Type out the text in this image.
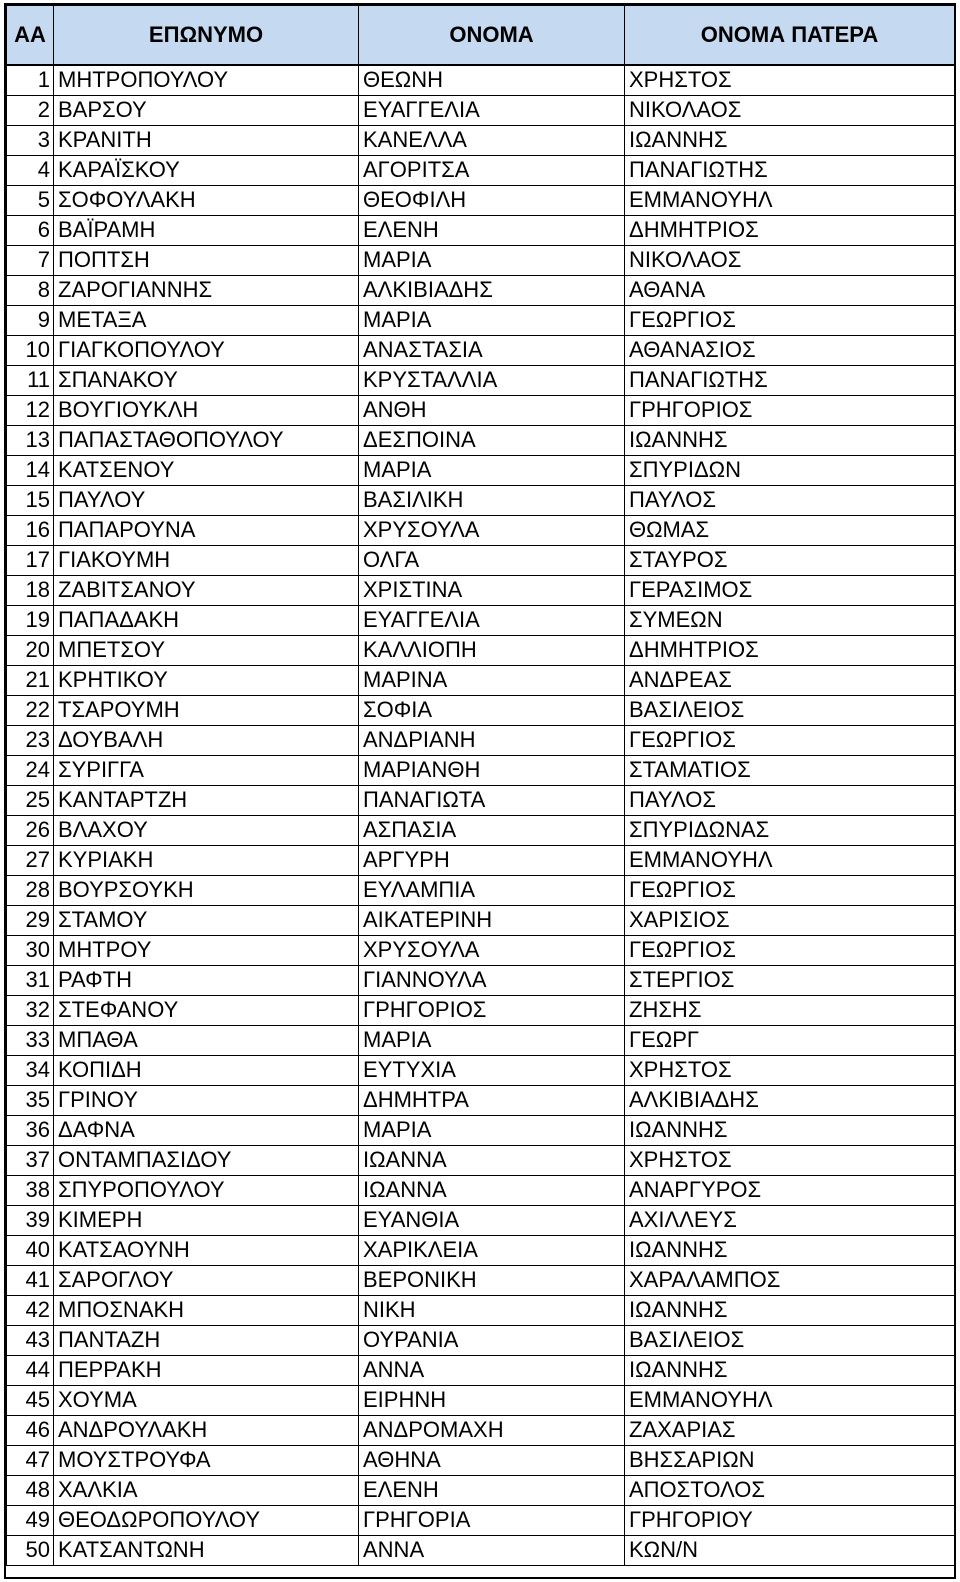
ΑΑ	ΕΠΩΝΥΜΟ	ΟΝΟΜΑ	ΟΝΟΜΑ ΠΑΤΕΡΑ
1	ΜΗΤΡΟΠΟΥΛΟΥ	ΘΕΩΝΗ	ΧΡΗΣΤΟΣ
2	ΒΑΡΣΟΥ	ΕΥΑΓΓΕΛΙΑ	ΝΙΚΟΛΑΟΣ
3	ΚΡΑΝΙΤΗ	ΚΑΝΕΛΛΑ	ΙΩΑΝΝΗΣ
4	ΚΑΡΑΪΣΚΟΥ	ΑΓΟΡΙΤΣΑ	ΠΑΝΑΓΙΩΤΗΣ
5	ΣΟΦΟΥΛΑΚΗ	ΘΕΟΦΙΛΗ	ΕΜΜΑΝΟΥΗΛ
6	ΒΑΪΡΑΜΗ	ΕΛΕΝΗ	ΔΗΜΗΤΡΙΟΣ
7	ΠΟΠΤΣΗ	ΜΑΡΙΑ	ΝΙΚΟΛΑΟΣ
8	ΖΑΡΟΓΙΑΝΝΗΣ	ΑΛΚΙΒΙΑΔΗΣ	ΑΘΑΝΑ
9	ΜΕΤΑΞΑ	ΜΑΡΙΑ	ΓΕΩΡΓΙΟΣ
10	ΓΙΑΓΚΟΠΟΥΛΟΥ	ΑΝΑΣΤΑΣΙΑ	ΑΘΑΝΑΣΙΟΣ
11	ΣΠΑΝΑΚΟΥ	ΚΡΥΣΤΑΛΛΙΑ	ΠΑΝΑΓΙΩΤΗΣ
12	ΒΟΥΓΙΟΥΚΛΗ	ΑΝΘΗ	ΓΡΗΓΟΡΙΟΣ
13	ΠΑΠΑΣΤΑΘΟΠΟΥΛΟΥ	ΔΕΣΠΟΙΝΑ	ΙΩΑΝΝΗΣ
14	ΚΑΤΣΕΝΟΥ	ΜΑΡΙΑ	ΣΠΥΡΙΔΩΝ
15	ΠΑΥΛΟΥ	ΒΑΣΙΛΙΚΗ	ΠΑΥΛΟΣ
16	ΠΑΠΑΡΟΥΝΑ	ΧΡΥΣΟΥΛΑ	ΘΩΜΑΣ
17	ΓΙΑΚΟΥΜΗ	ΟΛΓΑ	ΣΤΑΥΡΟΣ
18	ΖΑΒΙΤΣΑΝΟΥ	ΧΡΙΣΤΙΝΑ	ΓΕΡΑΣΙΜΟΣ
19	ΠΑΠΑΔΑΚΗ	ΕΥΑΓΓΕΛΙΑ	ΣΥΜΕΩΝ
20	ΜΠΕΤΣΟΥ	ΚΑΛΛΙΟΠΗ	ΔΗΜΗΤΡΙΟΣ
21	ΚΡΗΤΙΚΟΥ	ΜΑΡΙΝΑ	ΑΝΔΡΕΑΣ
22	ΤΣΑΡΟΥΜΗ	ΣΟΦΙΑ	ΒΑΣΙΛΕΙΟΣ
23	ΔΟΥΒΑΛΗ	ΑΝΔΡΙΑΝΗ	ΓΕΩΡΓΙΟΣ
24	ΣΥΡΙΓΓΑ	ΜΑΡΙΑΝΘΗ	ΣΤΑΜΑΤΙΟΣ
25	ΚΑΝΤΑΡΤΖΗ	ΠΑΝΑΓΙΩΤΑ	ΠΑΥΛΟΣ
26	ΒΛΑΧΟΥ	ΑΣΠΑΣΙΑ	ΣΠΥΡΙΔΩΝΑΣ
27	ΚΥΡΙΑΚΗ	ΑΡΓΥΡΗ	ΕΜΜΑΝΟΥΗΛ
28	ΒΟΥΡΣΟΥΚΗ	ΕΥΛΑΜΠΙΑ	ΓΕΩΡΓΙΟΣ
29	ΣΤΑΜΟΥ	ΑΙΚΑΤΕΡΙΝΗ	ΧΑΡΙΣΙΟΣ
30	ΜΗΤΡΟΥ	ΧΡΥΣΟΥΛΑ	ΓΕΩΡΓΙΟΣ
31	ΡΑΦΤΗ	ΓΙΑΝΝΟΥΛΑ	ΣΤΕΡΓΙΟΣ
32	ΣΤΕΦΑΝΟΥ	ΓΡΗΓΟΡΙΟΣ	ΖΗΣΗΣ
33	ΜΠΑΘΑ	ΜΑΡΙΑ	ΓΕΩΡΓ
34	ΚΟΠΙΔΗ	ΕΥΤΥΧΙΑ	ΧΡΗΣΤΟΣ
35	ΓΡΙΝΟΥ	ΔΗΜΗΤΡΑ	ΑΛΚΙΒΙΑΔΗΣ
36	ΔΑΦΝΑ	ΜΑΡΙΑ	ΙΩΑΝΝΗΣ
37	ΟΝΤΑΜΠΑΣΙΔΟΥ	ΙΩΑΝΝΑ	ΧΡΗΣΤΟΣ
38	ΣΠΥΡΟΠΟΥΛΟΥ	ΙΩΑΝΝΑ	ΑΝΑΡΓΥΡΟΣ
39	ΚΙΜΕΡΗ	ΕΥΑΝΘΙΑ	ΑΧΙΛΛΕΥΣ
40	ΚΑΤΣΑΟΥΝΗ	ΧΑΡΙΚΛΕΙΑ	ΙΩΑΝΝΗΣ
41	ΣΑΡΟΓΛΟΥ	ΒΕΡΟΝΙΚΗ	ΧΑΡΑΛΑΜΠΟΣ
42	ΜΠΟΣΝΑΚΗ	ΝΙΚΗ	ΙΩΑΝΝΗΣ
43	ΠΑΝΤΑΖΗ	ΟΥΡΑΝΙΑ	ΒΑΣΙΛΕΙΟΣ
44	ΠΕΡΡΑΚΗ	ΑΝΝΑ	ΙΩΑΝΝΗΣ
45	ΧΟΥΜΑ	ΕΙΡΗΝΗ	ΕΜΜΑΝΟΥΗΛ
46	ΑΝΔΡΟΥΛΑΚΗ	ΑΝΔΡΟΜΑΧΗ	ΖΑΧΑΡΙΑΣ
47	ΜΟΥΣΤΡΟΥΦΑ	ΑΘΗΝΑ	ΒΗΣΣΑΡΙΩΝ
48	ΧΑΛΚΙΑ	ΕΛΕΝΗ	ΑΠΟΣΤΟΛΟΣ
49	ΘΕΟΔΩΡΟΠΟΥΛΟΥ	ΓΡΗΓΟΡΙΑ	ΓΡΗΓΟΡΙΟΥ
50	ΚΑΤΣΑΝΤΩΝΗ	ΑΝΝΑ	ΚΩΝ/Ν
